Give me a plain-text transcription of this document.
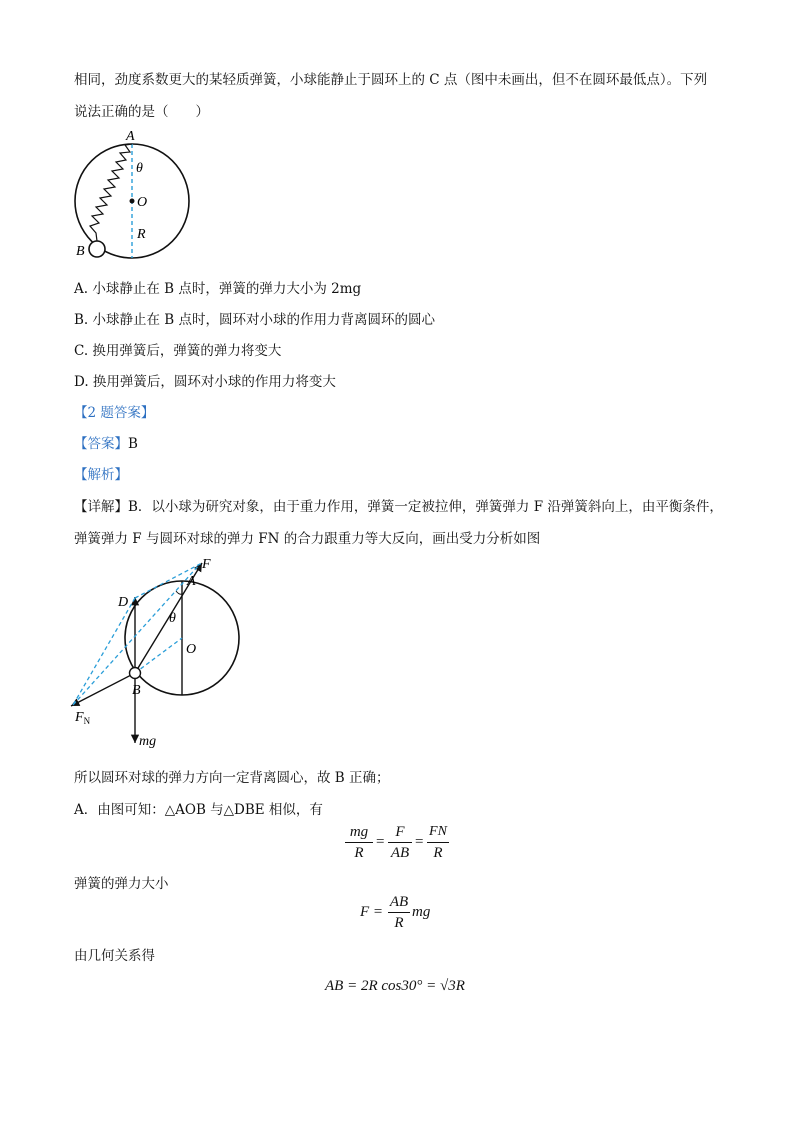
相同，劲度系数更大的某轻质弹簧，小球能静止于圆环上的 C 点（图中未画出，但不在圆环最低点）。下列
说法正确的是（　　）
A
θ
O
R
B
A. 小球静止在 B 点时，弹簧的弹力大小为 2mg
B. 小球静止在 B 点时，圆环对小球的作用力背离圆环的圆心
C. 换用弹簧后，弹簧的弹力将变大
D. 换用弹簧后，圆环对小球的作用力将变大
【2 题答案】
【答案】B
【解析】
【详解】B．以小球为研究对象，由于重力作用，弹簧一定被拉伸，弹簧弹力 F 沿弹簧斜向上，由平衡条件，
弹簧弹力 F 与圆环对球的弹力 FN 的合力跟重力等大反向，画出受力分析如图
F
A
D
θ
O
B
$F_N$
mg
所以圆环对球的弹力方向一定背离圆心，故 B 正确；
A．由图可知：△AOB 与△DBE 相似，有
mg
R
=
F
AB
=
FN
R
弹簧的弹力大小
F =
AB
R
mg
由几何关系得
AB = 2R cos30° = √3R
